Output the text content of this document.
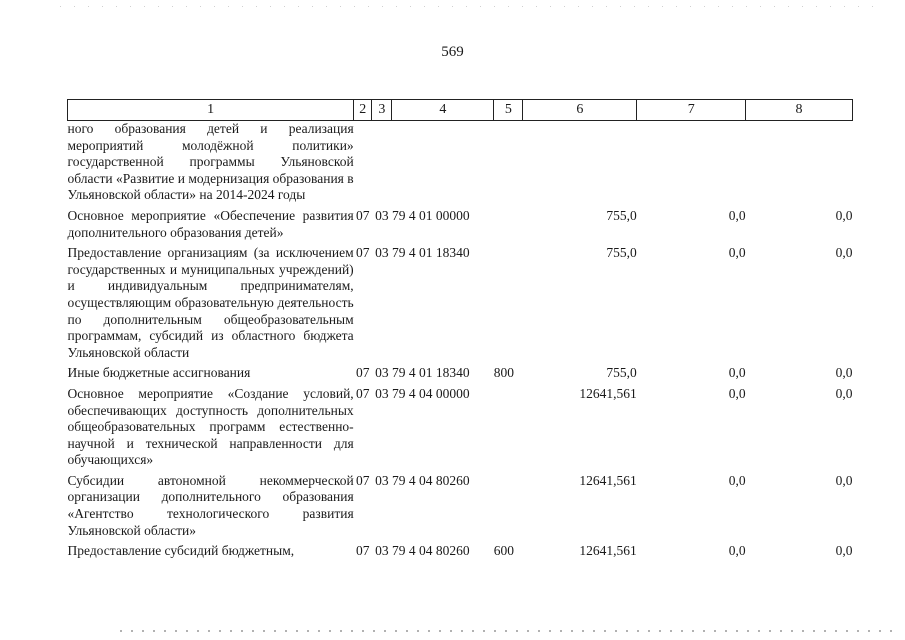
569
1	2	3	4	5	6	7	8
ного образования детей и реализация мероприятий молодёжной политики» государственной программы Ульяновской области «Развитие и модернизация образования в Ульяновской области» на 2014-2024 годы							
Основное мероприятие «Обеспечение развития дополнительного образования детей»	07	03	79 4 01 00000		755,0	0,0	0,0
Предоставление организациям (за исключением государственных и муниципальных учреждений) и индивидуальным предпринимателям, осуществляющим образовательную деятельность по дополнительным общеобразовательным программам, субсидий из областного бюджета Ульяновской области	07	03	79 4 01 18340		755,0	0,0	0,0
Иные бюджетные ассигнования	07	03	79 4 01 18340	800	755,0	0,0	0,0
Основное мероприятие «Создание условий, обеспечивающих доступность дополнительных общеобразовательных программ естественно-научной и технической направленности для обучающихся»	07	03	79 4 04 00000		12641,561	0,0	0,0
Субсидии автономной некоммерческой организации дополнительного образования «Агентство технологического развития Ульяновской области»	07	03	79 4 04 80260		12641,561	0,0	0,0
Предоставление субсидий бюджетным,	07	03	79 4 04 80260	600	12641,561	0,0	0,0
